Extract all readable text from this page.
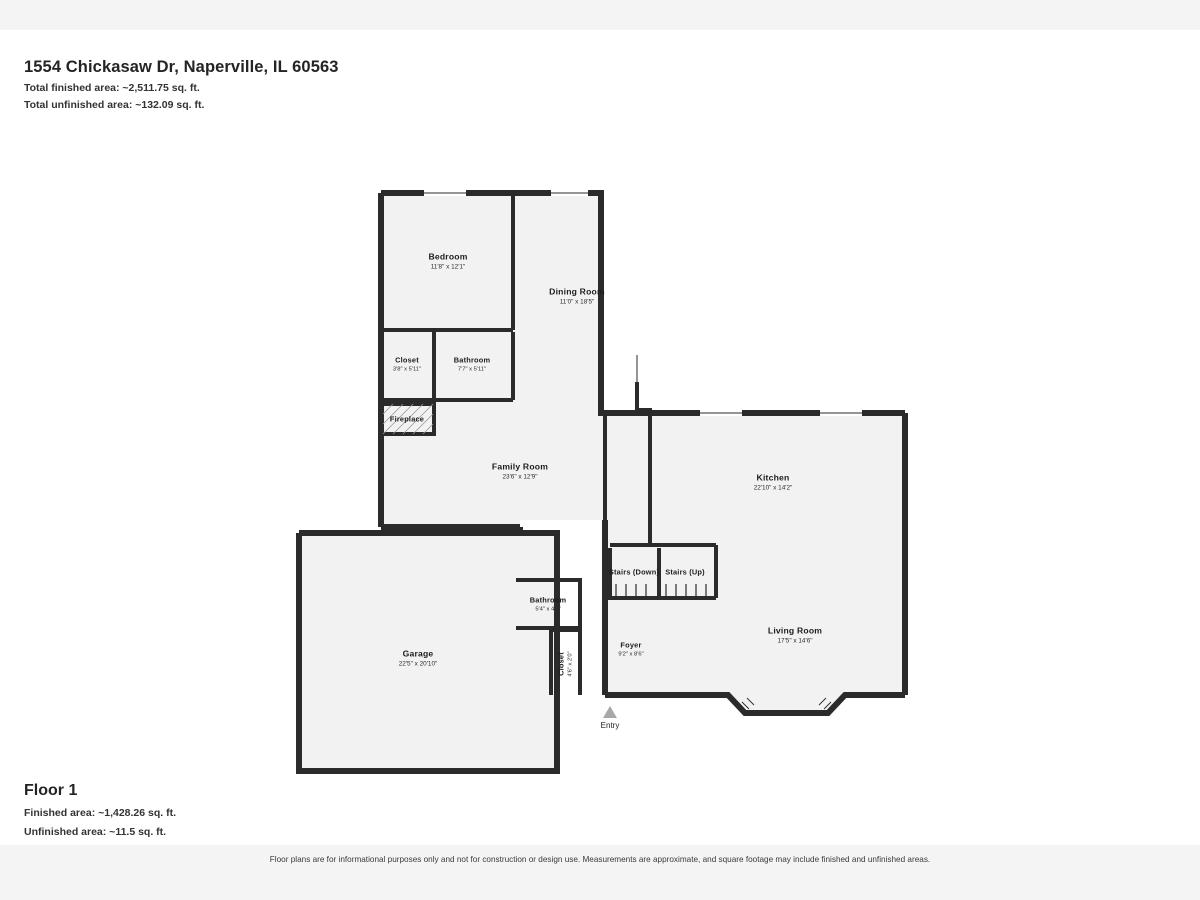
1554 Chickasaw Dr, Naperville, IL 60563
Total finished area: ~2,511.75 sq. ft.
Total unfinished area: ~132.09 sq. ft.
Bedroom
11'8" x 12'1"
Dining Room
11'0" x 18'5"
Closet
3'8" x 5'11"
Bathroom
7'7" x 5'11"
Fireplace
Family Room
23'6" x 12'9"	Kitchen
22'10" x 14'2"
Stairs (Down) Stairs (Up)
Bathroom
5'4" x 4'6"
Living Room
17'5" x 14'6"
Foyer
9'2" x 8'6"
Garage
22'5" x 20'10"	Closet 4'6" x 2'0"
Entry
Floor 1
Finished area: ~1,428.26 sq. ft.
Unfinished area: ~11.5 sq. ft.
Floor plans are for informational purposes only and not for construction or design use. Measurements are approximate, and square footage may include finished and unfinished areas.
